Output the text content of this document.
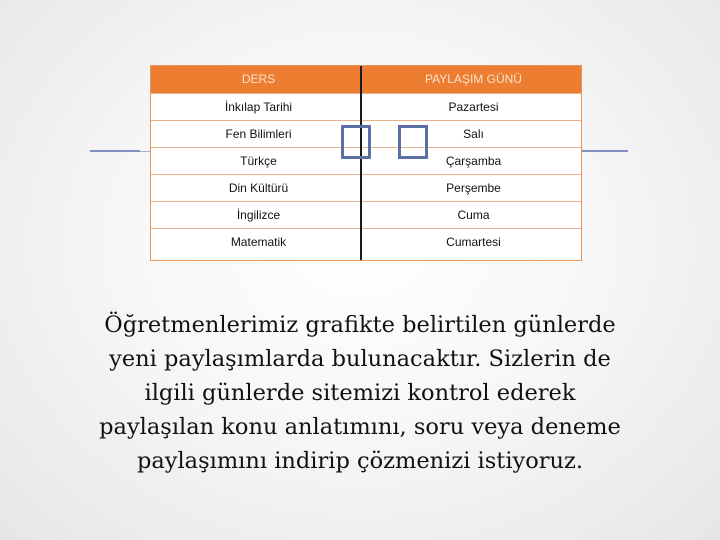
DERS	PAYLAŞIM GÜNÜ
İnkılap Tarihi	Pazartesi
Fen Bilimleri	Salı
Türkçe	Çarşamba
Din Kültürü	Perşembe
İngilizce	Cuma
Matematik	Cumartesi

Öğretmenlerimiz grafikte belirtilen günlerde
yeni paylaşımlarda bulunacaktır. Sizlerin de
ilgili günlerde sitemizi kontrol ederek
paylaşılan konu anlatımını, soru veya deneme
paylaşımını indirip çözmenizi istiyoruz.
